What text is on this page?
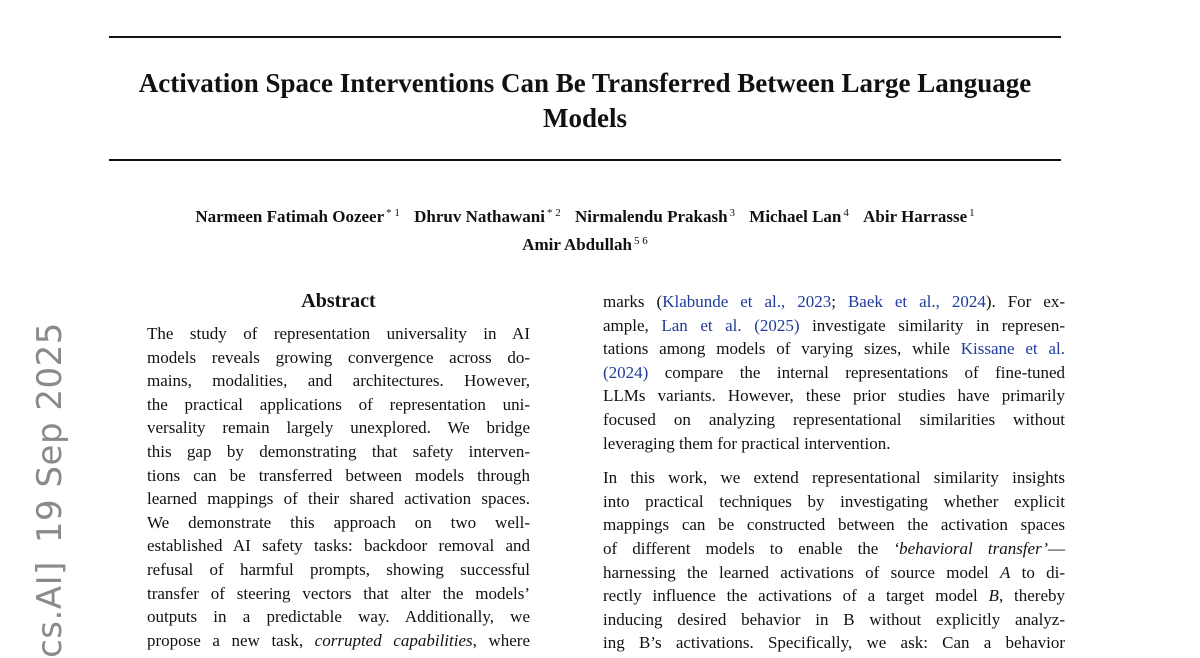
Activation Space Interventions Can Be Transferred Between Large Language
Models
Narmeen Fatimah Oozeer $^{* 1}$ Dhruv Nathawani $^{* 2}$ Nirmalendu Prakash $^3$ Michael Lan $^4$ Abir Harrasse $^1$
Amir Abdullah $^{5 6}$
cs.AI]19 Sep 2025
Abstract
The study of representation universality in AI
models reveals growing convergence across do-
mains, modalities, and architectures. However,
the practical applications of representation uni-
versality remain largely unexplored. We bridge
this gap by demonstrating that safety interven-
tions can be transferred between models through
learned mappings of their shared activation spaces.
We demonstrate this approach on two well-
established AI safety tasks: backdoor removal and
refusal of harmful prompts, showing successful
transfer of steering vectors that alter the models’
outputs in a predictable way. Additionally, we
propose a new task, corrupted capabilities, where

marks (Klabunde et al., 2023; Baek et al., 2024). For ex-
ample, Lan et al. (2025) investigate similarity in represen-
tations among models of varying sizes, while Kissane et al.
(2024) compare the internal representations of fine-tuned
LLMs variants. However, these prior studies have primarily
focused on analyzing representational similarities without
leveraging them for practical intervention.

In this work, we extend representational similarity insights
into practical techniques by investigating whether explicit
mappings can be constructed between the activation spaces
of different models to enable the ‘behavioral transfer’—
harnessing the learned activations of source model A to di-
rectly influence the activations of a target model B, thereby
inducing desired behavior in B without explicitly analyz-
ing B’s activations. Specifically, we ask: Can a behavior
